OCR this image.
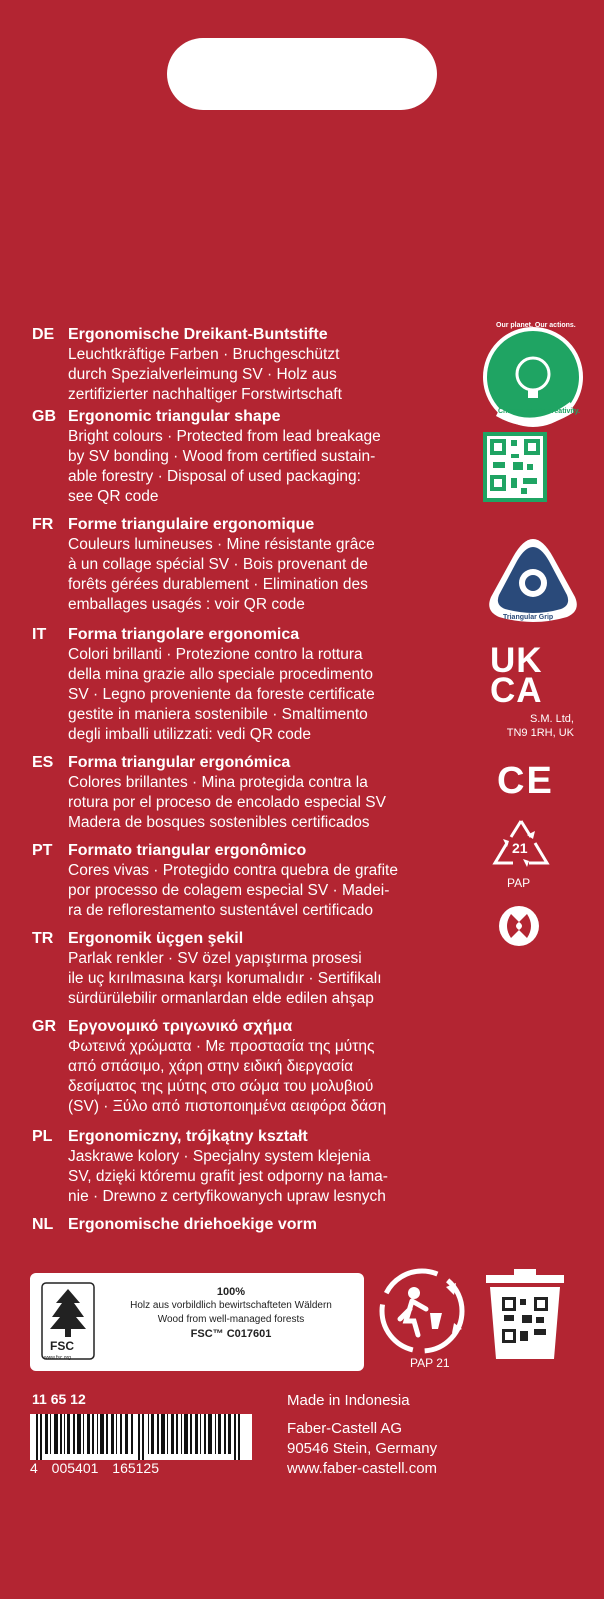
DE Ergonomische Dreikant-Buntstifte
Leuchtkräftige Farben · Bruchgeschützt
durch Spezialverleimung SV · Holz aus
zertifizierter nachhaltiger Forstwirtschaft
GB Ergonomic triangular shape
Bright colours · Protected from lead breakage
by SV bonding · Wood from certified sustain-
able forestry · Disposal of used packaging:
see QR code
FR Forme triangulaire ergonomique
Couleurs lumineuses · Mine résistante grâce
à un collage spécial SV · Bois provenant de
forêts gérées durablement · Elimination des
emballages usagés : voir QR code
IT Forma triangolare ergonomica
Colori brillanti · Protezione contro la rottura
della mina grazie allo speciale procedimento
SV · Legno proveniente da foreste certificate
gestite in maniera sostenibile · Smaltimento
degli imballi utilizzati: vedi QR code
ES Forma triangular ergonómica
Colores brillantes · Mina protegida contra la
rotura por el proceso de encolado especial SV
Madera de bosques sostenibles certificados
PT Formato triangular ergonômico
Cores vivas · Protegido contra quebra de grafite
por processo de colagem especial SV · Madei-
ra de reflorestamento sustentável certificado
TR Ergonomik üçgen şekil
Parlak renkler · SV özel yapıştırma prosesi
ile uç kırılmasına karşı korumalıdır · Sertifikalı
sürdürülebilir ormanlardan elde edilen ahşap
GR Εργονομικό τριγωνικό σχήμα
Φωτεινά χρώματα · Με προστασία της μύτης
από σπάσιμο, χάρη στην ειδική διεργασία
δεσίματος της μύτης στο σώμα του μολυβιού
(SV) · Ξύλο από πιστοποιημένα αειφόρα δάση
PL Ergonomiczny, trójkątny kształt
Jaskrawe kolory · Specjalny system klejenia
SV, dzięki któremu grafit jest odporny na łama-
nie · Drewno z certyfikowanych upraw lesnych
NL Ergonomische driehoekige vorm
Our planet. Our actions.
Change needs creativity.
Triangular Grip
UK CA
S.M. Ltd,
TN9 1RH, UK
CE
21
PAP
FSC
www.fsc.org
100%
Holz aus vorbildlich bewirtschafteten Wäldern
Wood from well-managed forests
FSC™ C017601
PAP 21
11 65 12
4 005401 165125
Made in Indonesia
Faber-Castell AG
90546 Stein, Germany
www.faber-castell.com
